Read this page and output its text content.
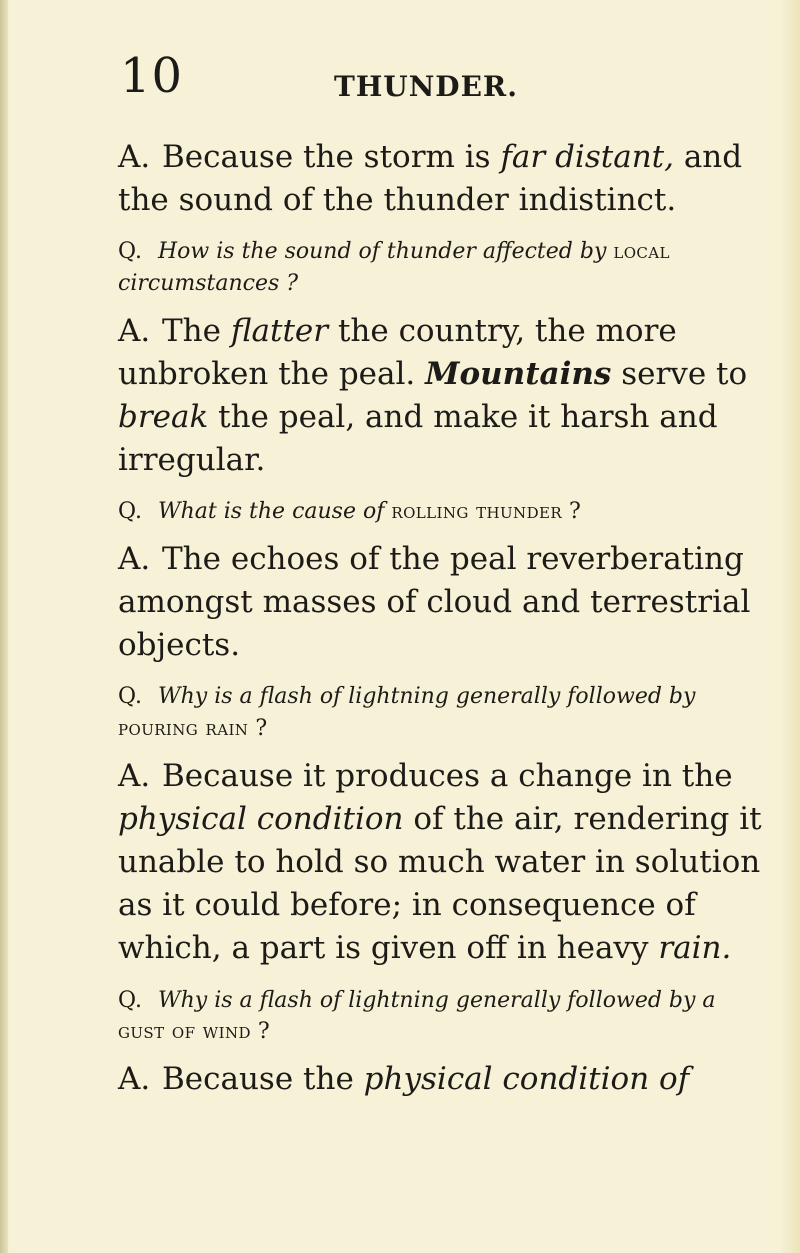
10	THUNDER.
A. Because the storm is far distant, and the sound of the thunder indistinct.
Q. How is the sound of thunder affected by local circumstances ?
A. The flatter the country, the more unbroken the peal. Mountains serve to break the peal, and make it harsh and irregular.
Q. What is the cause of rolling thunder ?
A. The echoes of the peal reverberating amongst masses of cloud and terrestrial objects.
Q. Why is a flash of lightning generally followed by pouring rain ?
A. Because it produces a change in the physical condition of the air, rendering it unable to hold so much water in solution as it could before; in consequence of which, a part is given off in heavy rain.
Q. Why is a flash of lightning generally followed by a gust of wind ?
A. Because the physical condition of
